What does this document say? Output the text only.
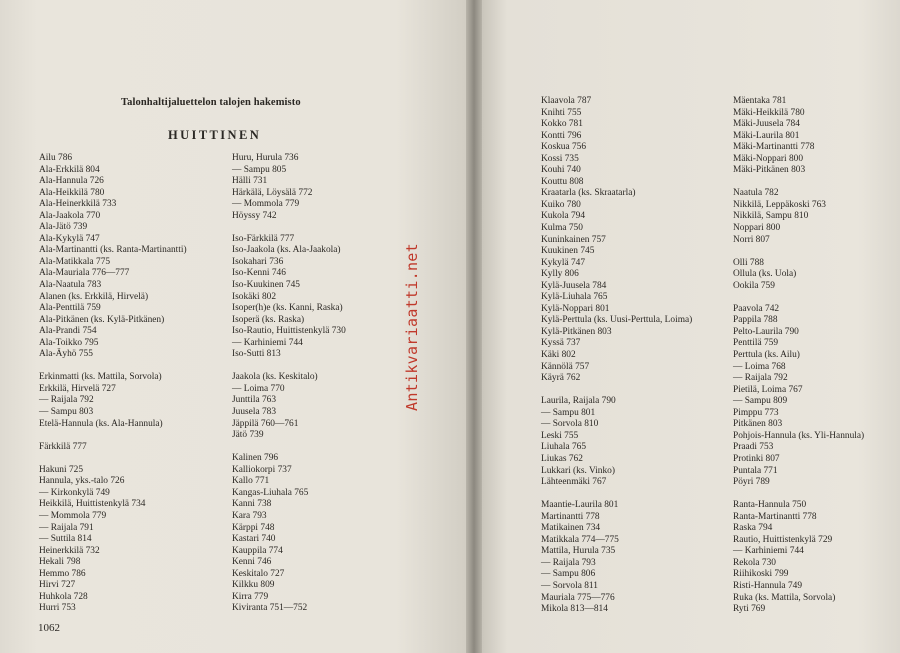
Talonhaltijaluettelon talojen hakemisto
HUITTINEN
Ailu 786
Ala-Erkkilä 804
Ala-Hannula 726
Ala-Heikkilä 780
Ala-Heinerkkilä 733
Ala-Jaakola 770
Ala-Jätö 739
Ala-Kykylä 747
Ala-Martinantti (ks. Ranta-Martinantti)
Ala-Matikkala 775
Ala-Mauriala 776—777
Ala-Naatula 783
Alanen (ks. Erkkilä, Hirvelä)
Ala-Penttilä 759
Ala-Pitkänen (ks. Kylä-Pitkänen)
Ala-Prandi 754
Ala-Toikko 795
Ala-Äyhö 755
Erkinmatti (ks. Mattila, Sorvola)
Erkkilä, Hirvelä 727
— Raijala 792
— Sampu 803
Etelä-Hannula (ks. Ala-Hannula)
Färkkilä 777
Hakuni 725
Hannula, yks.-talo 726
— Kirkonkylä 749
Heikkilä, Huittistenkylä 734
— Mommola 779
— Raijala 791
— Suttila 814
Heinerkkilä 732
Hekali 798
Hemmo 786
Hirvi 727
Huhkola 728
Hurri 753
Huru, Hurula 736
— Sampu 805
Hälli 731
Härkälä, Löysälä 772
— Mommola 779
Höyssy 742
Iso-Färkkilä 777
Iso-Jaakola (ks. Ala-Jaakola)
Isokahari 736
Iso-Kenni 746
Iso-Kuukinen 745
Isokäki 802
Isoper(h)e (ks. Kanni, Raska)
Isoperä (ks. Raska)
Iso-Rautio, Huittistenkylä 730
— Karhiniemi 744
Iso-Sutti 813
Jaakola (ks. Keskitalo)
— Loima 770
Junttila 763
Juusela 783
Jäppilä 760—761
Jätö 739
Kalinen 796
Kalliokorpi 737
Kallo 771
Kangas-Liuhala 765
Kanni 738
Kara 793
Kärppi 748
Kastari 740
Kauppila 774
Kenni 746
Keskitalo 727
Kilkku 809
Kirra 779
Kiviranta 751—752
1062
Klaavola 787
Knihti 755
Kokko 781
Kontti 796
Koskua 756
Kossi 735
Kouhi 740
Kouttu 808
Kraatarla (ks. Skraatarla)
Kuiko 780
Kukola 794
Kulma 750
Kuninkainen 757
Kuukinen 745
Kykylä 747
Kylly 806
Kylä-Juusela 784
Kylä-Liuhala 765
Kylä-Noppari 801
Kylä-Perttula (ks. Uusi-Perttula, Loima)
Kylä-Pitkänen 803
Kyssä 737
Käki 802
Kännölä 757
Käyrä 762
Laurila, Raijala 790
— Sampu 801
— Sorvola 810
Leski 755
Liuhala 765
Liukas 762
Lukkari (ks. Vinko)
Lähteenmäki 767
Maantie-Laurila 801
Martinantti 778
Matikainen 734
Matikkala 774—775
Mattila, Hurula 735
— Raijala 793
— Sampu 806
— Sorvola 811
Mauriala 775—776
Mikola 813—814
Mäentaka 781
Mäki-Heikkilä 780
Mäki-Juusela 784
Mäki-Laurila 801
Mäki-Martinantti 778
Mäki-Noppari 800
Mäki-Pitkänen 803
Naatula 782
Nikkilä, Leppäkoski 763
Nikkilä, Sampu 810
Noppari 800
Norri 807
Olli 788
Ollula (ks. Uola)
Ookila 759
Paavola 742
Pappila 788
Pelto-Laurila 790
Penttilä 759
Perttula (ks. Ailu)
— Loima 768
— Raijala 792
Pietilä, Loima 767
— Sampu 809
Pimppu 773
Pitkänen 803
Pohjois-Hannula (ks. Yli-Hannula)
Praadi 753
Protinki 807
Puntala 771
Pöyri 789
Ranta-Hannula 750
Ranta-Martinantti 778
Raska 794
Rautio, Huittistenkylä 729
— Karhiniemi 744
Rekola 730
Riihikoski 799
Risti-Hannula 749
Ruka (ks. Mattila, Sorvola)
Ryti 769
Antikvariaatti.net
